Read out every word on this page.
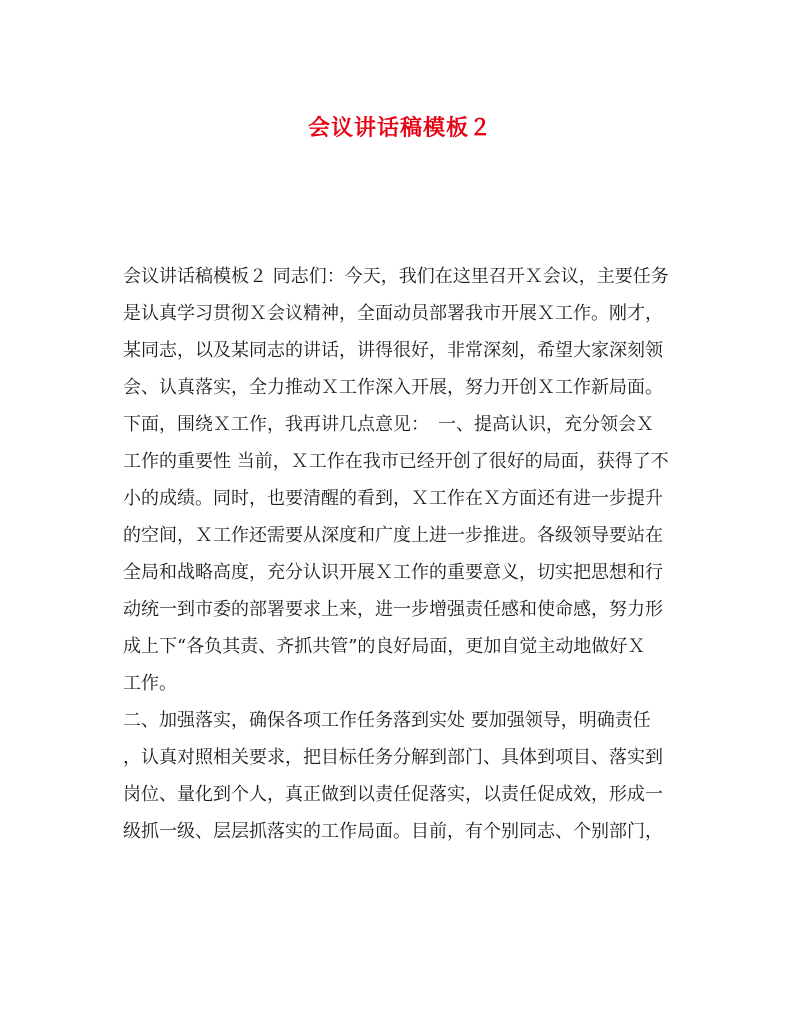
会议讲话稿模板２
会议讲话稿模板２ 同志们：今天，我们在这里召开Ｘ会议，主要任务
是认真学习贯彻Ｘ会议精神，全面动员部署我市开展Ｘ工作。刚才，
某同志，以及某同志的讲话，讲得很好，非常深刻，希望大家深刻领
会、认真落实，全力推动Ｘ工作深入开展，努力开创Ｘ工作新局面。
下面，围绕Ｘ工作，我再讲几点意见：　一、提高认识，充分领会Ｘ
工作的重要性 当前，Ｘ工作在我市已经开创了很好的局面，获得了不
小的成绩。同时，也要清醒的看到，Ｘ工作在Ｘ方面还有进一步提升
的空间，Ｘ工作还需要从深度和广度上进一步推进。各级领导要站在
全局和战略高度，充分认识开展Ｘ工作的重要意义，切实把思想和行
动统一到市委的部署要求上来，进一步增强责任感和使命感，努力形
成上下“各负其责、齐抓共管”的良好局面，更加自觉主动地做好Ｘ
工作。
二、加强落实，确保各项工作任务落到实处 要加强领导，明确责任
，认真对照相关要求，把目标任务分解到部门、具体到项目、落实到
岗位、量化到个人，真正做到以责任促落实，以责任促成效，形成一
级抓一级、层层抓落实的工作局面。目前，有个别同志、个别部门，
